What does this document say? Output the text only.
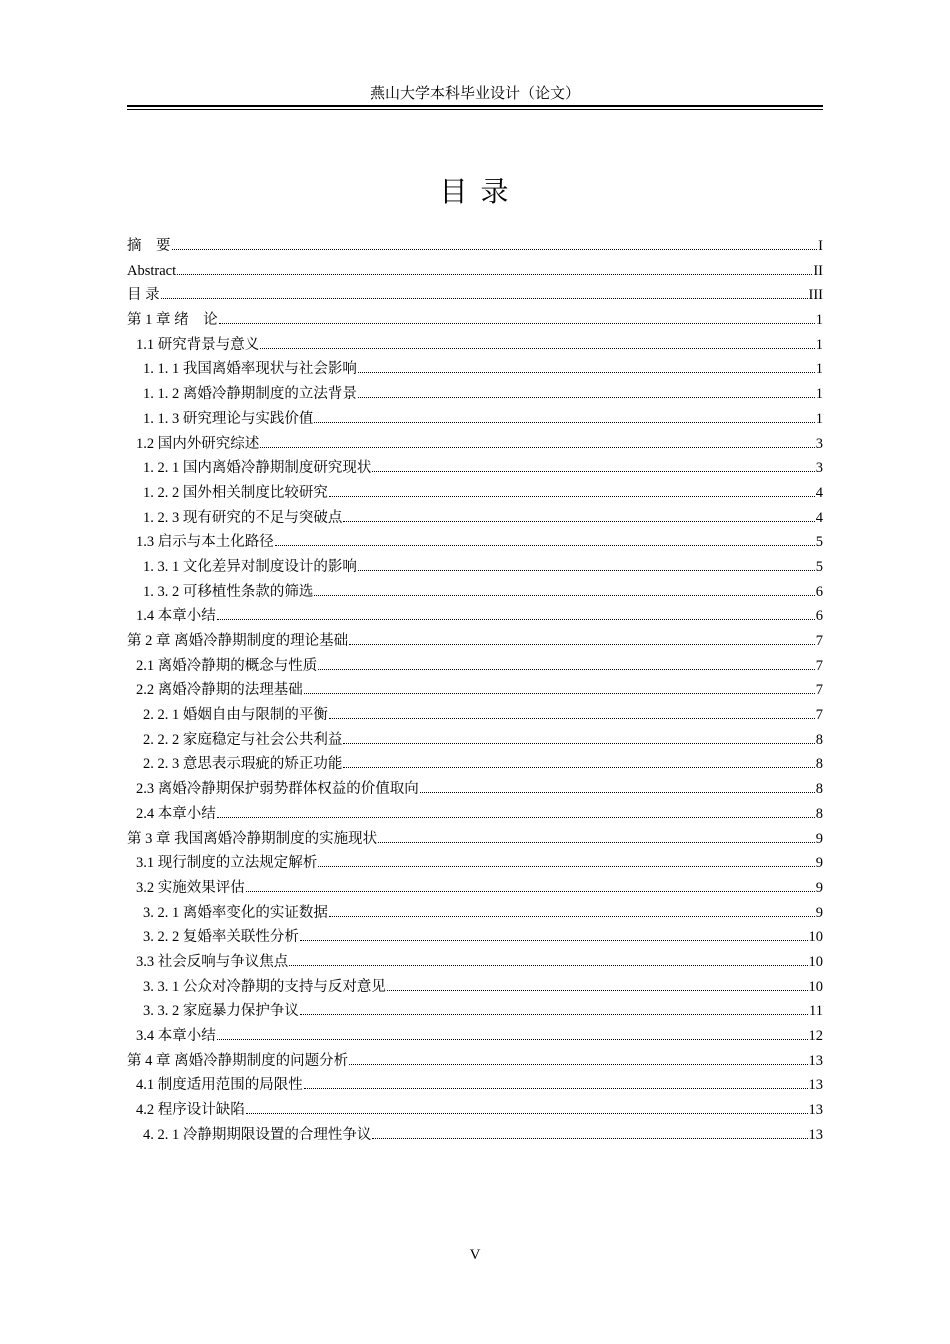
燕山大学本科毕业设计（论文）
目 录
摘　要	I
Abstract	II
目 录	III
第 1 章 绪　论	1
1.1 研究背景与意义	1
1. 1. 1 我国离婚率现状与社会影响	1
1. 1. 2 离婚冷静期制度的立法背景	1
1. 1. 3 研究理论与实践价值	1
1.2 国内外研究综述	3
1. 2. 1 国内离婚冷静期制度研究现状	3
1. 2. 2 国外相关制度比较研究	4
1. 2. 3 现有研究的不足与突破点	4
1.3 启示与本土化路径	5
1. 3. 1 文化差异对制度设计的影响	5
1. 3. 2 可移植性条款的筛选	6
1.4 本章小结	6
第 2 章 离婚冷静期制度的理论基础	7
2.1 离婚冷静期的概念与性质	7
2.2 离婚冷静期的法理基础	7
2. 2. 1 婚姻自由与限制的平衡	7
2. 2. 2 家庭稳定与社会公共利益	8
2. 2. 3 意思表示瑕疵的矫正功能	8
2.3 离婚冷静期保护弱势群体权益的价值取向	8
2.4 本章小结	8
第 3 章 我国离婚冷静期制度的实施现状	9
3.1 现行制度的立法规定解析	9
3.2 实施效果评估	9
3. 2. 1 离婚率变化的实证数据	9
3. 2. 2 复婚率关联性分析	10
3.3 社会反响与争议焦点	10
3. 3. 1 公众对冷静期的支持与反对意见	10
3. 3. 2 家庭暴力保护争议	11
3.4 本章小结	12
第 4 章 离婚冷静期制度的问题分析	13
4.1 制度适用范围的局限性	13
4.2 程序设计缺陷	13
4. 2. 1 冷静期期限设置的合理性争议	13
V
